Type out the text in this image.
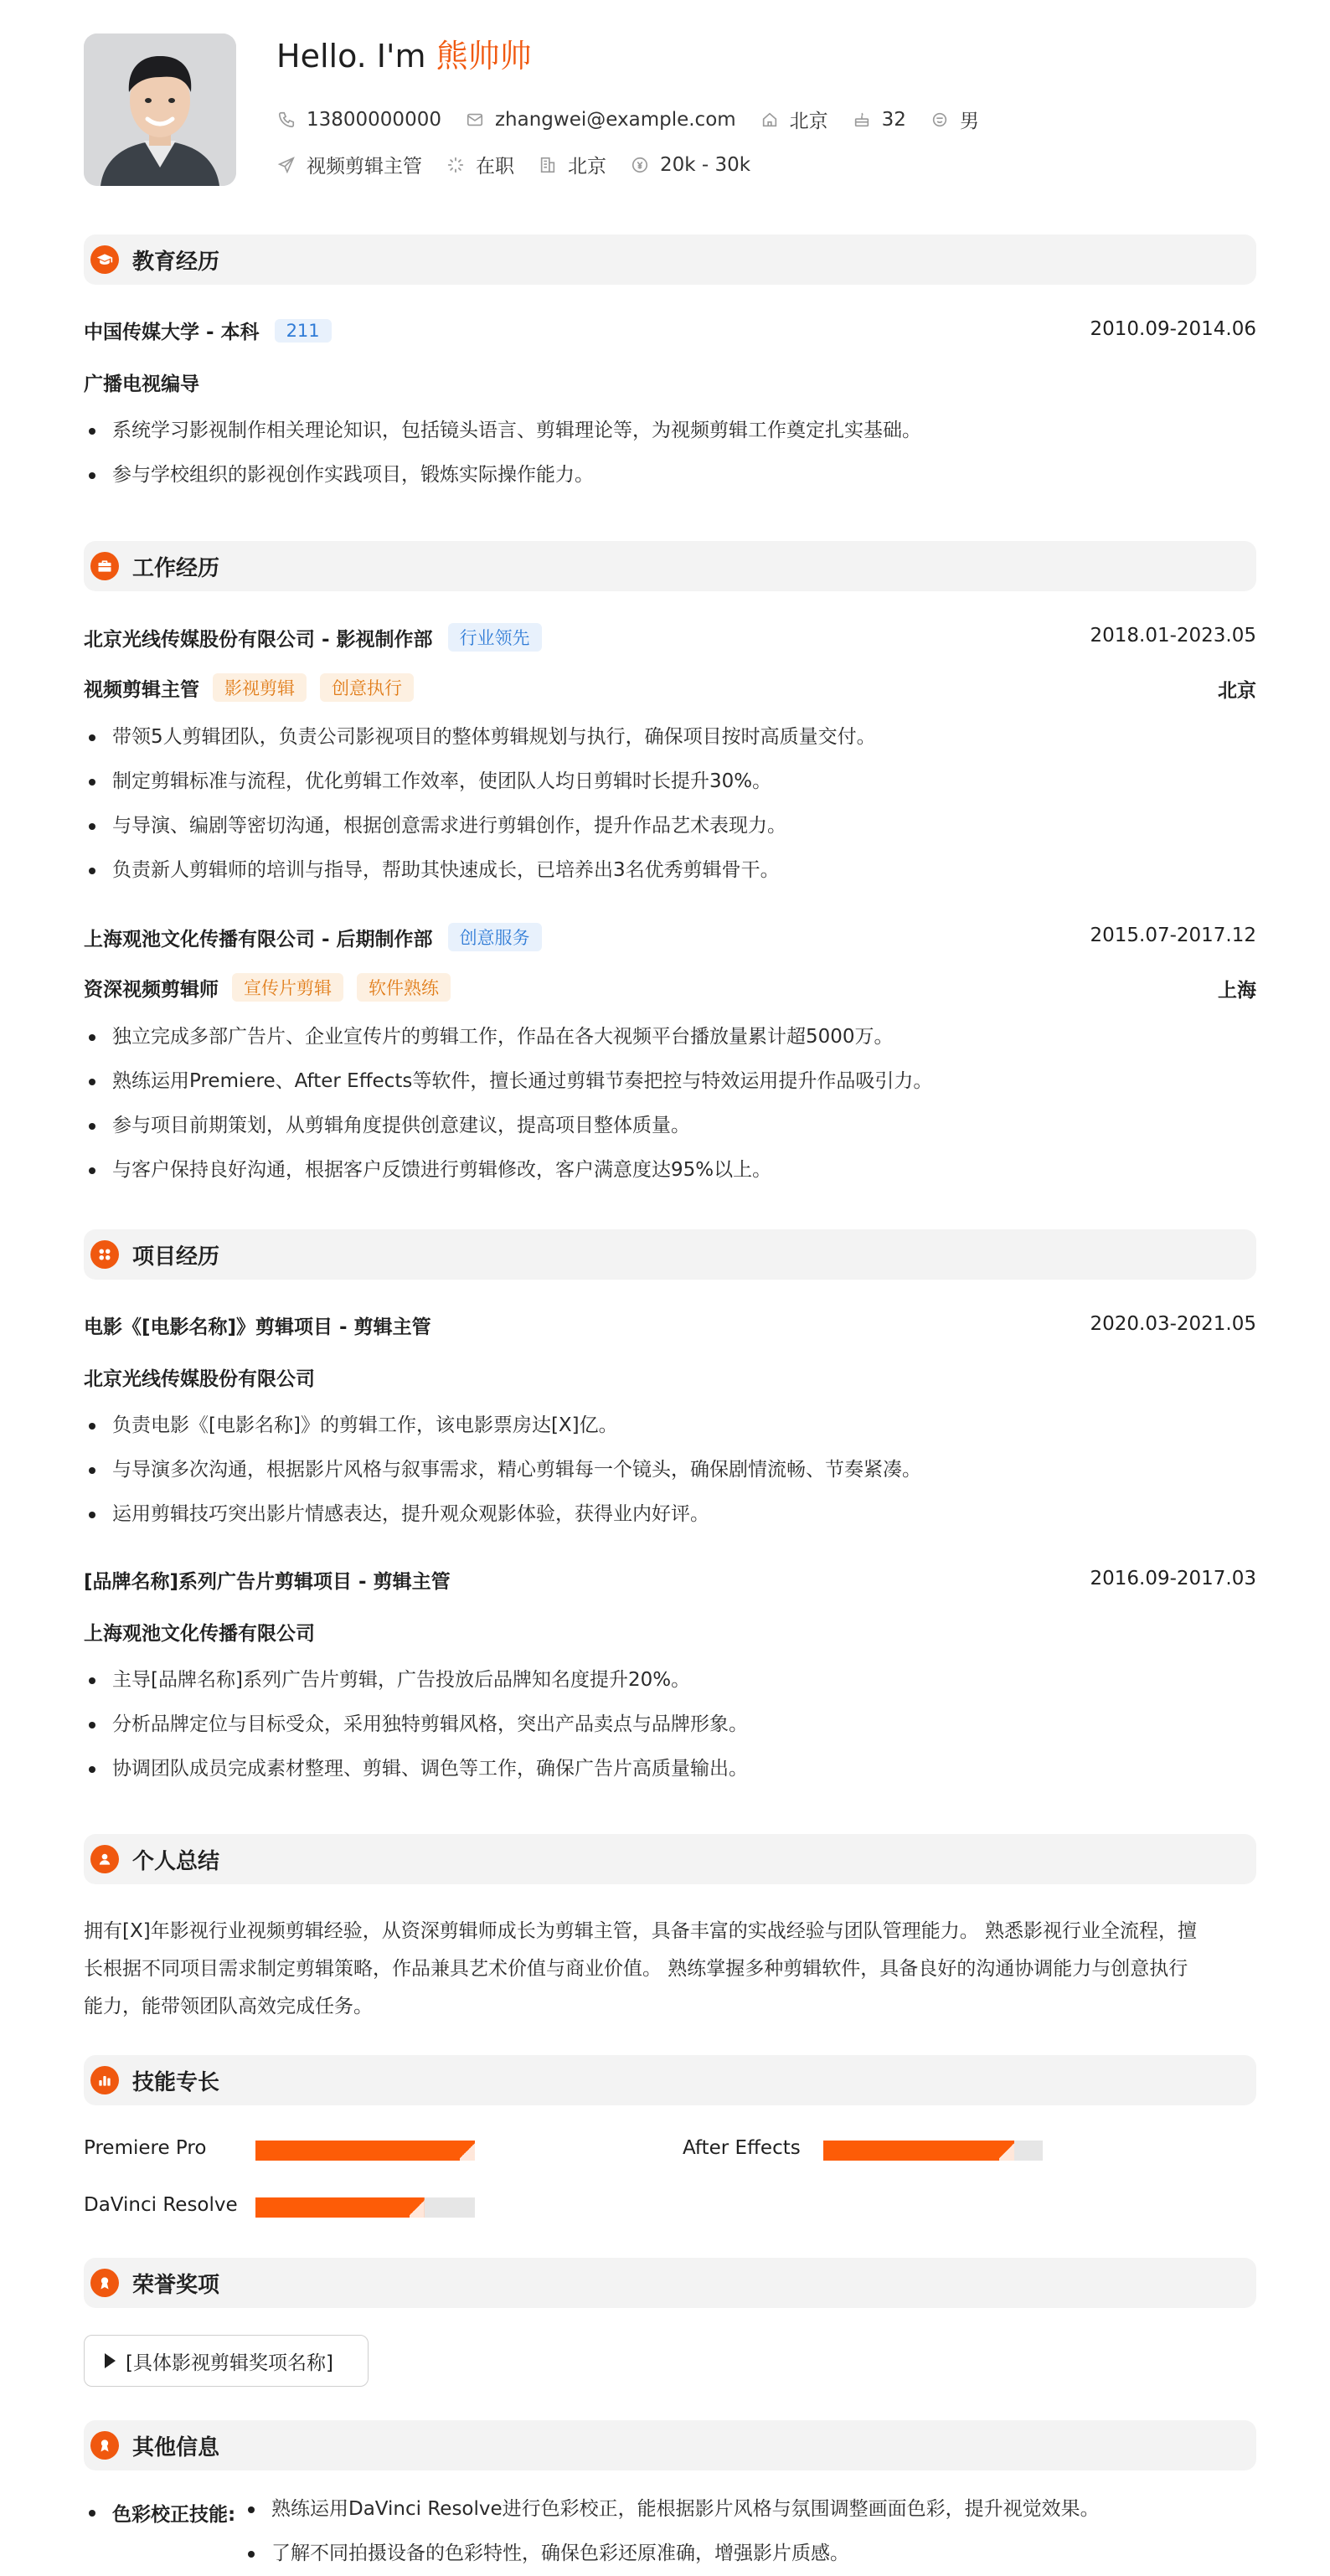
Hello. I'm 熊帅帅
13800000000	zhangwei@example.com	北京	32	男
视频剪辑主管	在职	北京	20k - 30k
教育经历
中国传媒大学 - 本科	211	2010.09-2014.06
广播电视编导
系统学习影视制作相关理论知识，包括镜头语言、剪辑理论等，为视频剪辑工作奠定扎实基础。
参与学校组织的影视创作实践项目，锻炼实际操作能力。
工作经历
北京光线传媒股份有限公司 - 影视制作部	行业领先	2018.01-2023.05
视频剪辑主管	影视剪辑	创意执行	北京
带领5人剪辑团队，负责公司影视项目的整体剪辑规划与执行，确保项目按时高质量交付。
制定剪辑标准与流程，优化剪辑工作效率，使团队人均日剪辑时长提升30%。
与导演、编剧等密切沟通，根据创意需求进行剪辑创作，提升作品艺术表现力。
负责新人剪辑师的培训与指导，帮助其快速成长，已培养出3名优秀剪辑骨干。
上海观池文化传播有限公司 - 后期制作部	创意服务	2015.07-2017.12
资深视频剪辑师	宣传片剪辑	软件熟练	上海
独立完成多部广告片、企业宣传片的剪辑工作，作品在各大视频平台播放量累计超5000万。
熟练运用Premiere、After Effects等软件，擅长通过剪辑节奏把控与特效运用提升作品吸引力。
参与项目前期策划，从剪辑角度提供创意建议，提高项目整体质量。
与客户保持良好沟通，根据客户反馈进行剪辑修改，客户满意度达95%以上。
项目经历
电影《[电影名称]》剪辑项目 - 剪辑主管	2020.03-2021.05
北京光线传媒股份有限公司
负责电影《[电影名称]》的剪辑工作，该电影票房达[X]亿。
与导演多次沟通，根据影片风格与叙事需求，精心剪辑每一个镜头，确保剧情流畅、节奏紧凑。
运用剪辑技巧突出影片情感表达，提升观众观影体验，获得业内好评。
[品牌名称]系列广告片剪辑项目 - 剪辑主管	2016.09-2017.03
上海观池文化传播有限公司
主导[品牌名称]系列广告片剪辑，广告投放后品牌知名度提升20%。
分析品牌定位与目标受众，采用独特剪辑风格，突出产品卖点与品牌形象。
协调团队成员完成素材整理、剪辑、调色等工作，确保广告片高质量输出。
个人总结
拥有[X]年影视行业视频剪辑经验，从资深剪辑师成长为剪辑主管，具备丰富的实战经验与团队管理能力。 熟悉影视行业全流程，擅
长根据不同项目需求制定剪辑策略，作品兼具艺术价值与商业价值。 熟练掌握多种剪辑软件，具备良好的沟通协调能力与创意执行
能力，能带领团队高效完成任务。
技能专长
Premiere Pro	After Effects
DaVinci Resolve
荣誉奖项
[具体影视剪辑奖项名称]
其他信息
色彩校正技能:	熟练运用DaVinci Resolve进行色彩校正，能根据影片风格与氛围调整画面色彩，提升视觉效果。
了解不同拍摄设备的色彩特性，确保色彩还原准确，增强影片质感。
